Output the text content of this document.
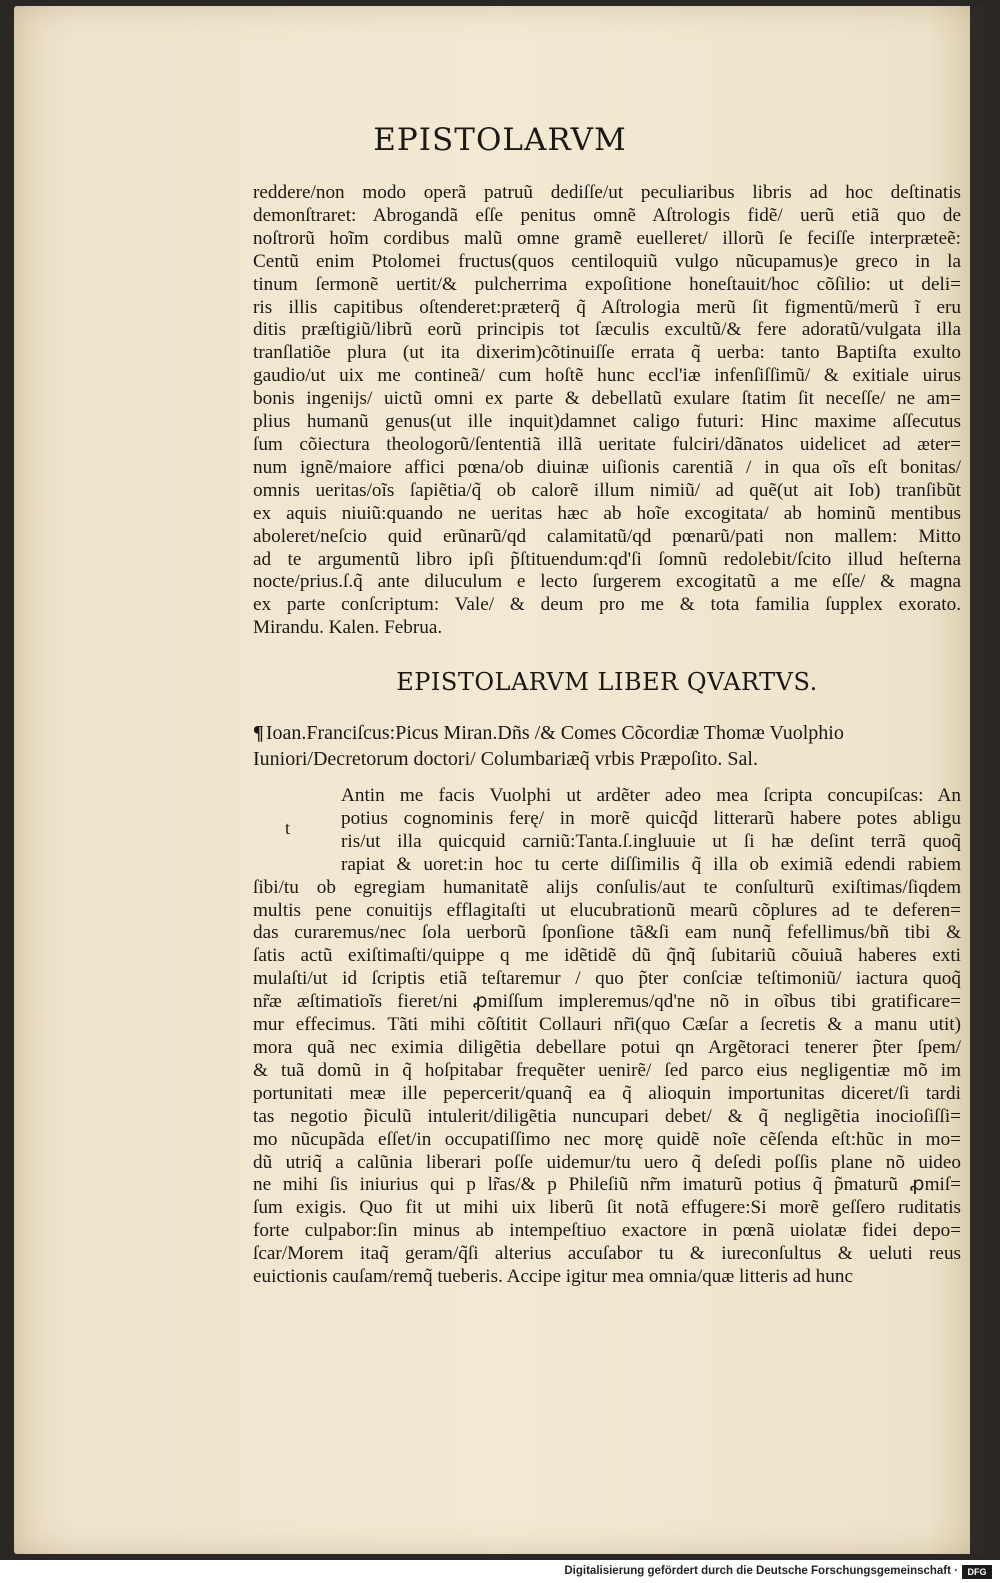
EPISTOLARVM
reddere/non modo operã patruũ dediſſe/ut peculiaribus libris ad hoc deſtinatis
demonſtraret: Abrogandã eſſe penitus omnẽ Aſtrologis fidẽ/ uerũ etiã quo de
noſtrorũ hoĩm cordibus malũ omne gramẽ euelleret/ illorũ ſe feciſſe interpræteẽ:
Centũ enim Ptolomei fructus(quos centiloquiũ vulgo nũcupamus)e greco in la
tinum ſermonẽ uertit/& pulcherrima expoſitione honeſtauit/hoc cõſilio: ut deli=
ris illis capitibus oſtenderet:præterq̃ q̃ Aſtrologia merũ ſit figmentũ/merũ ĩ eru
ditis præſtigiũ/librũ eorũ principis tot ſæculis excultũ/& fere adoratũ/vulgata illa
tranſlatiõe plura (ut ita dixerim)cõtinuiſſe errata q̃ uerba: tanto Baptiſta exulto
gaudio/ut uix me contineã/ cum hoſtẽ hunc eccl'iæ infenſiſſimũ/ & exitiale uirus
bonis ingenijs/ uictũ omni ex parte & debellatũ exulare ſtatim ſit neceſſe/ ne am=
plius humanũ genus(ut ille inquit)damnet caligo futuri: Hinc maxime aſſecutus
ſum cõiectura theologorũ/ſententiã illã ueritate fulciri/dãnatos uidelicet ad æter=
num ignẽ/maiore affici pœna/ob diuinæ uiſionis carentiã / in qua oĩs eſt bonitas/
omnis ueritas/oĩs ſapiẽtia/q̃ ob calorẽ illum nimiũ/ ad quẽ(ut ait Iob) tranſibũt
ex aquis niuiũ:quando ne ueritas hæc ab hoĩe excogitata/ ab hominũ mentibus
aboleret/neſcio quid erũnarũ/qd calamitatũ/qd pœnarũ/pati non mallem: Mitto
ad te argumentũ libro ipſi p̃ſtituendum:qd'ſi ſomnũ redolebit/ſcito illud heſterna
nocte/prius.ſ.q̃ ante diluculum e lecto ſurgerem excogitatũ a me eſſe/ & magna
ex parte conſcriptum: Vale/ & deum pro me & tota familia ſupplex exorato.
Mirandu. Kalen. Februa.
EPISTOLARVM LIBER QVARTVS.
¶ Ioan.Franciſcus:Picus Miran.Dñs /& Comes Cõcordiæ Thomæ Vuolphio
Iuniori/Decretorum doctori/ Columbariæq̃ vrbis Præpoſito. Sal.
t
Antin me facis Vuolphi ut ardẽter adeo mea ſcripta concupiſcas: An
potius cognominis ferę/ in morẽ quicq̃d litterarũ habere potes abligu
ris/ut illa quicquid carniũ:Tanta.ſ.ingluuie ut ſi hæ deſint terrã quoq̃
rapiat & uoret:in hoc tu certe diſſimilis q̃ illa ob eximiã edendi rabiem
ſibi/tu ob egregiam humanitatẽ alijs conſulis/aut te conſulturũ exiſtimas/ſiqdem
multis pene conuitijs efflagitaſti ut elucubrationũ mearũ cõplures ad te deferen=
das curaremus/nec ſola uerborũ ſponſione tã&ſi eam nunq̃ fefellimus/bñ tibi &
ſatis actũ exiſtimaſti/quippe q me idẽtidẽ dũ q̃nq̃ ſubitariũ cõuiuã haberes exti
mulaſti/ut id ſcriptis etiã teſtaremur / quo p̃ter conſciæ teſtimoniũ/ iactura quoq̃
nr̃æ æſtimatioĩs fieret/ni ꝓmiſſum impleremus/qd'ne nõ in oĩbus tibi gratificare=
mur effecimus. Tãti mihi cõſtitit Collauri nr̃i(quo Cæſar a ſecretis & a manu utit)
mora quã nec eximia diligẽtia debellare potui qn Argẽtoraci tenerer p̃ter ſpem/
& tuã domũ in q̃ hoſpitabar frequẽter uenirẽ/ ſed parco eius negligentiæ mõ im
portunitati meæ ille pepercerit/quanq̃ ea q̃ alioquin importunitas diceret/ſi tardi
tas negotio p̃iculũ intulerit/diligẽtia nuncupari debet/ & q̃ negligẽtia inocioſiſſi=
mo nũcupãda eſſet/in occupatiſſimo nec morę quidẽ noĩe cẽſenda eſt:hũc in mo=
dũ utriq̃ a calũnia liberari poſſe uidemur/tu uero q̃ deſedi poſſis plane nõ uideo
ne mihi ſis iniurius qui p lr̃as/& p Phileſiũ nr̃m imaturũ potius q̃ p̃maturũ ꝓmiſ=
ſum exigis. Quo fit ut mihi uix liberũ ſit notã effugere:Si morẽ geſſero ruditatis
forte culpabor:ſin minus ab intempeſtiuo exactore in pœnã uiolatæ fidei depo=
ſcar/Morem itaq̃ geram/q̃ſi alterius accuſabor tu & iureconſultus & ueluti reus
euictionis cauſam/remq̃ tueberis. Accipe igitur mea omnia/quæ litteris ad hunc
Digitalisierung gefördert durch die Deutsche Forschungsgemeinschaft ·	DFG
